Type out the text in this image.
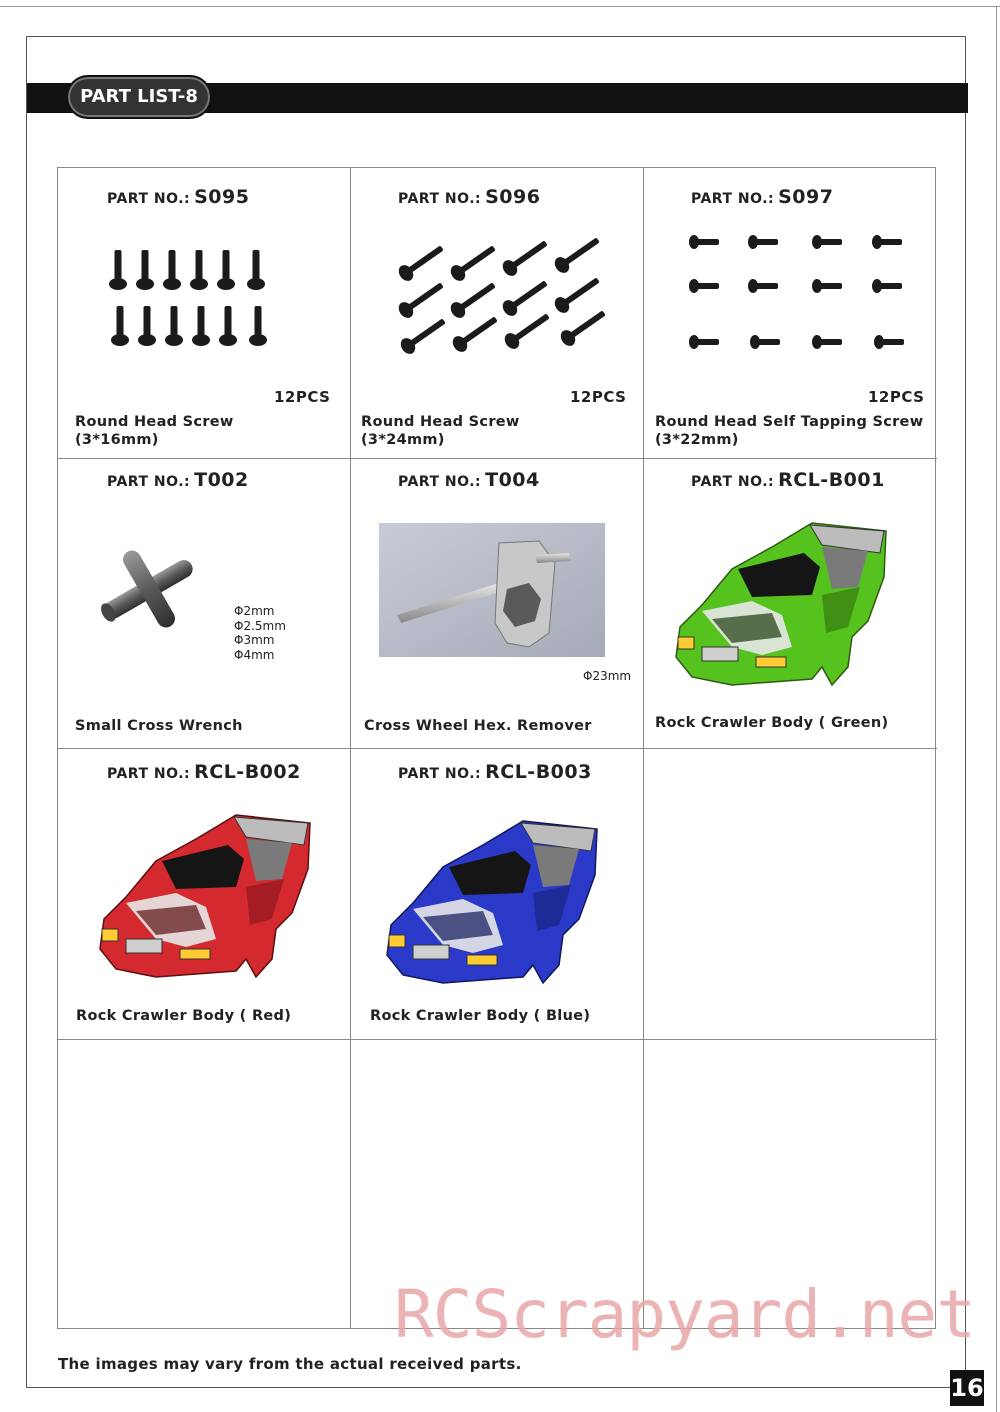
PART LIST-8
PART NO.: S095
12PCS
Round Head Screw
(3*16mm)
PART NO.: S096
12PCS
Round Head Screw
(3*24mm)
PART NO.: S097
12PCS
Round Head Self Tapping Screw
(3*22mm)
PART NO.: T002
Φ2mm
Φ2.5mm
Φ3mm
Φ4mm
Small Cross Wrench
PART NO.: T004
Φ23mm
Cross Wheel Hex. Remover
PART NO.: RCL-B001
Rock Crawler Body ( Green)
PART NO.: RCL-B002
Rock Crawler Body ( Red)
PART NO.: RCL-B003
Rock Crawler Body ( Blue)
RCScrapyard.net
The images may vary from the actual received parts.
16
